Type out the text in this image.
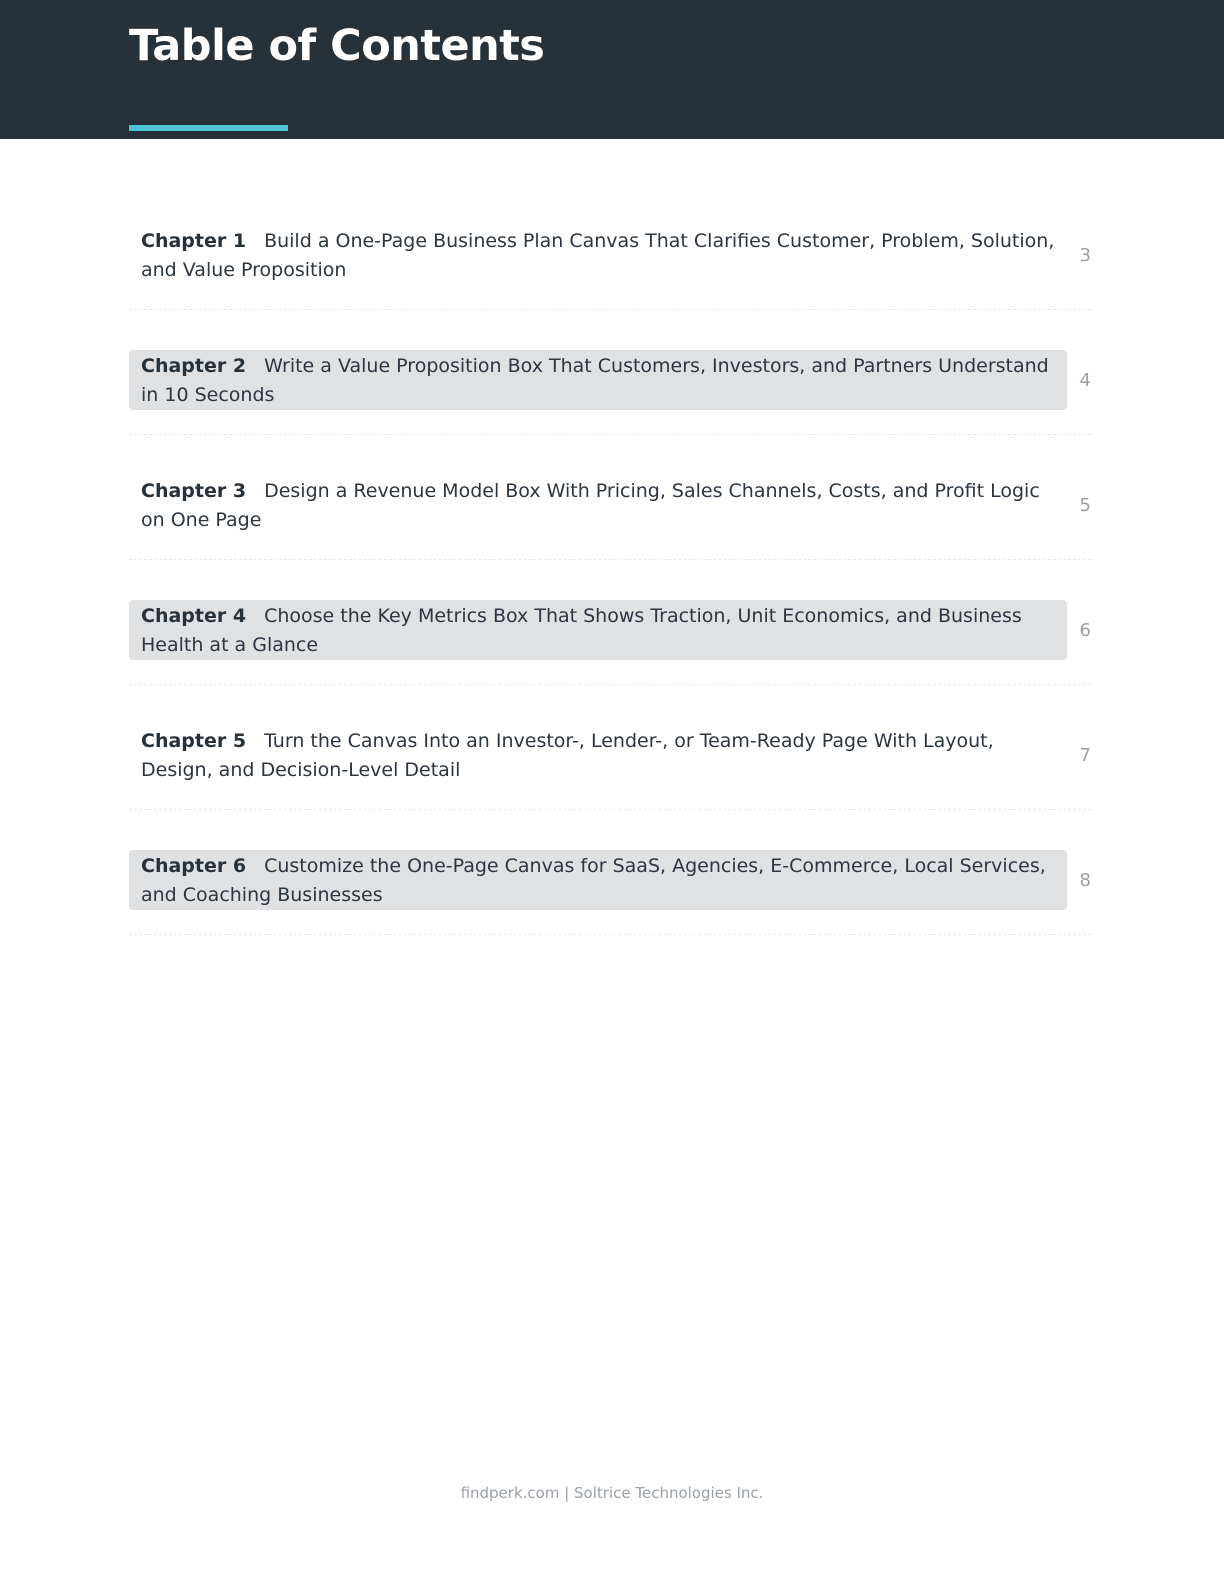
Table of Contents
Chapter 1 Build a One-Page Business Plan Canvas That Clarifies Customer, Problem, Solution, and Value Proposition
3
Chapter 2 Write a Value Proposition Box That Customers, Investors, and Partners Understand in 10 Seconds
4
Chapter 3 Design a Revenue Model Box With Pricing, Sales Channels, Costs, and Profit Logic on One Page
5
Chapter 4 Choose the Key Metrics Box That Shows Traction, Unit Economics, and Business Health at a Glance
6
Chapter 5 Turn the Canvas Into an Investor-, Lender-, or Team-Ready Page With Layout, Design, and Decision-Level Detail
7
Chapter 6 Customize the One-Page Canvas for SaaS, Agencies, E-Commerce, Local Services, and Coaching Businesses
8
findperk.com | Soltrice Technologies Inc.
